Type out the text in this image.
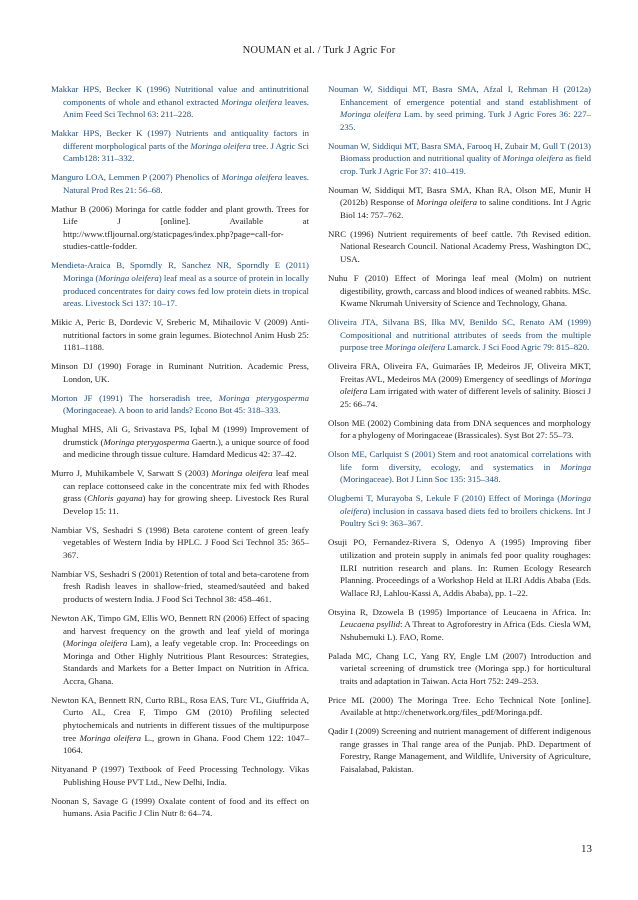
NOUMAN et al. / Turk J Agric For

Makkar HPS, Becker K (1996) Nutritional value and antinutritional components of whole and ethanol extracted Moringa oleifera leaves. Anim Feed Sci Technol 63: 211–228.

Makkar HPS, Becker K (1997) Nutrients and antiquality factors in different morphological parts of the Moringa oleifera tree. J Agric Sci Camb128: 311–332.

Manguro LOA, Lemmen P (2007) Phenolics of Moringa oleifera leaves. Natural Prod Res 21: 56–68.

Mathur B (2006) Moringa for cattle fodder and plant growth. Trees for Life J [online]. Available at http://www.tfljournal.org/staticpages/index.php?page=call-for-studies-cattle-fodder.

Mendieta-Araica B, Sporndly R, Sanchez NR, Sporndly E (2011) Moringa (Moringa oleifera) leaf meal as a source of protein in locally produced concentrates for dairy cows fed low protein diets in tropical areas. Livestock Sci 137: 10–17.

Mikic A, Peric B, Dordevic V, Sreberic M, Mihailovic V (2009) Anti-nutritional factors in some grain legumes. Biotechnol Anim Husb 25: 1181–1188.

Minson DJ (1990) Forage in Ruminant Nutrition. Academic Press, London, UK.

Morton JF (1991) The horseradish tree, Moringa pterygosperma (Moringaceae). A boon to arid lands? Econo Bot 45: 318–333.

Mughal MHS, Ali G, Srivastava PS, Iqbal M (1999) Improvement of drumstick (Moringa pterygosperma Gaertn.), a unique source of food and medicine through tissue culture. Hamdard Medicus 42: 37–42.

Murro J, Muhikambele V, Sarwatt S (2003) Moringa oleifera leaf meal can replace cottonseed cake in the concentrate mix fed with Rhodes grass (Chloris gayana) hay for growing sheep. Livestock Res Rural Develop 15: 11.

Nambiar VS, Seshadri S (1998) Beta carotene content of green leafy vegetables of Western India by HPLC. J Food Sci Technol 35: 365–367.

Nambiar VS, Seshadri S (2001) Retention of total and beta-carotene from fresh Radish leaves in shallow-fried, steamed/sautéed and baked products of western India. J Food Sci Technol 38: 458–461.

Newton AK, Timpo GM, Ellis WO, Bennett RN (2006) Effect of spacing and harvest frequency on the growth and leaf yield of moringa (Moringa oleifera Lam), a leafy vegetable crop. In: Proceedings on Moringa and Other Highly Nutritious Plant Resources: Strategies, Standards and Markets for a Better Impact on Nutrition in Africa. Accra, Ghana.

Newton KA, Bennett RN, Curto RBL, Rosa EAS, Turc VL, Giuffrida A, Curto AL, Crea F, Timpo GM (2010) Profiling selected phytochemicals and nutrients in different tissues of the multipurpose tree Moringa oleifera L., grown in Ghana. Food Chem 122: 1047–1064.

Nityanand P (1997) Textbook of Feed Processing Technology. Vikas Publishing House PVT Ltd., New Delhi, India.

Noonan S, Savage G (1999) Oxalate content of food and its effect on humans. Asia Pacific J Clin Nutr 8: 64–74.

Nouman W, Siddiqui MT, Basra SMA, Afzal I, Rehman H (2012a) Enhancement of emergence potential and stand establishment of Moringa oleifera Lam. by seed priming. Turk J Agric Fores 36: 227–235.

Nouman W, Siddiqui MT, Basra SMA, Farooq H, Zubair M, Gull T (2013) Biomass production and nutritional quality of Moringa oleifera as field crop. Turk J Agric For 37: 410–419.

Nouman W, Siddiqui MT, Basra SMA, Khan RA, Olson ME, Munir H (2012b) Response of Moringa oleifera to saline conditions. Int J Agric Biol 14: 757–762.

NRC (1996) Nutrient requirements of beef cattle. 7th Revised edition. National Research Council. National Academy Press, Washington DC, USA.

Nuhu F (2010) Effect of Moringa leaf meal (Molm) on nutrient digestibility, growth, carcass and blood indices of weaned rabbits. MSc. Kwame Nkrumah University of Science and Technology, Ghana.

Oliveira JTA, Silvana BS, Ilka MV, Benildo SC, Renato AM (1999) Compositional and nutritional attributes of seeds from the multiple purpose tree Moringa oleifera Lamarck. J Sci Food Agric 79: 815–820.

Oliveira FRA, Oliveira FA, Guimarães IP, Medeiros JF, Oliveira MKT, Freitas AVL, Medeiros MA (2009) Emergency of seedlings of Moringa oleifera Lam irrigated with water of different levels of salinity. Biosci J 25: 66–74.

Olson ME (2002) Combining data from DNA sequences and morphology for a phylogeny of Moringaceae (Brassicales). Syst Bot 27: 55–73.

Olson ME, Carlquist S (2001) Stem and root anatomical correlations with life form diversity, ecology, and systematics in Moringa (Moringaceae). Bot J Linn Soc 135: 315–348.

Olugbemi T, Murayoba S, Lekule F (2010) Effect of Moringa (Moringa oleifera) inclusion in cassava based diets fed to broilers chickens. Int J Poultry Sci 9: 363–367.

Osuji PO, Fernandez-Rivera S, Odenyo A (1995) Improving fiber utilization and protein supply in animals fed poor quality roughages: ILRI nutrition research and plans. In: Rumen Ecology Research Planning. Proceedings of a Workshop Held at ILRI Addis Ababa (Eds. Wallace RJ, Lahlou-Kassi A, Addis Ababa), pp. 1–22.

Otsyina R, Dzowela B (1995) Importance of Leucaena in Africa. In: Leucaena psyllid: A Threat to Agroforestry in Africa (Eds. Ciesla WM, Nshubemuki L). FAO, Rome.

Palada MC, Chang LC, Yang RY, Engle LM (2007) Introduction and varietal screening of drumstick tree (Moringa spp.) for horticultural traits and adaptation in Taiwan. Acta Hort 752: 249–253.

Price ML (2000) The Moringa Tree. Echo Technical Note [online]. Available at http://chenetwork.org/files_pdf/Moringa.pdf.

Qadir I (2009) Screening and nutrient management of different indigenous range grasses in Thal range area of the Punjab. PhD. Department of Forestry, Range Management, and Wildlife, University of Agriculture, Faisalabad, Pakistan.

13
